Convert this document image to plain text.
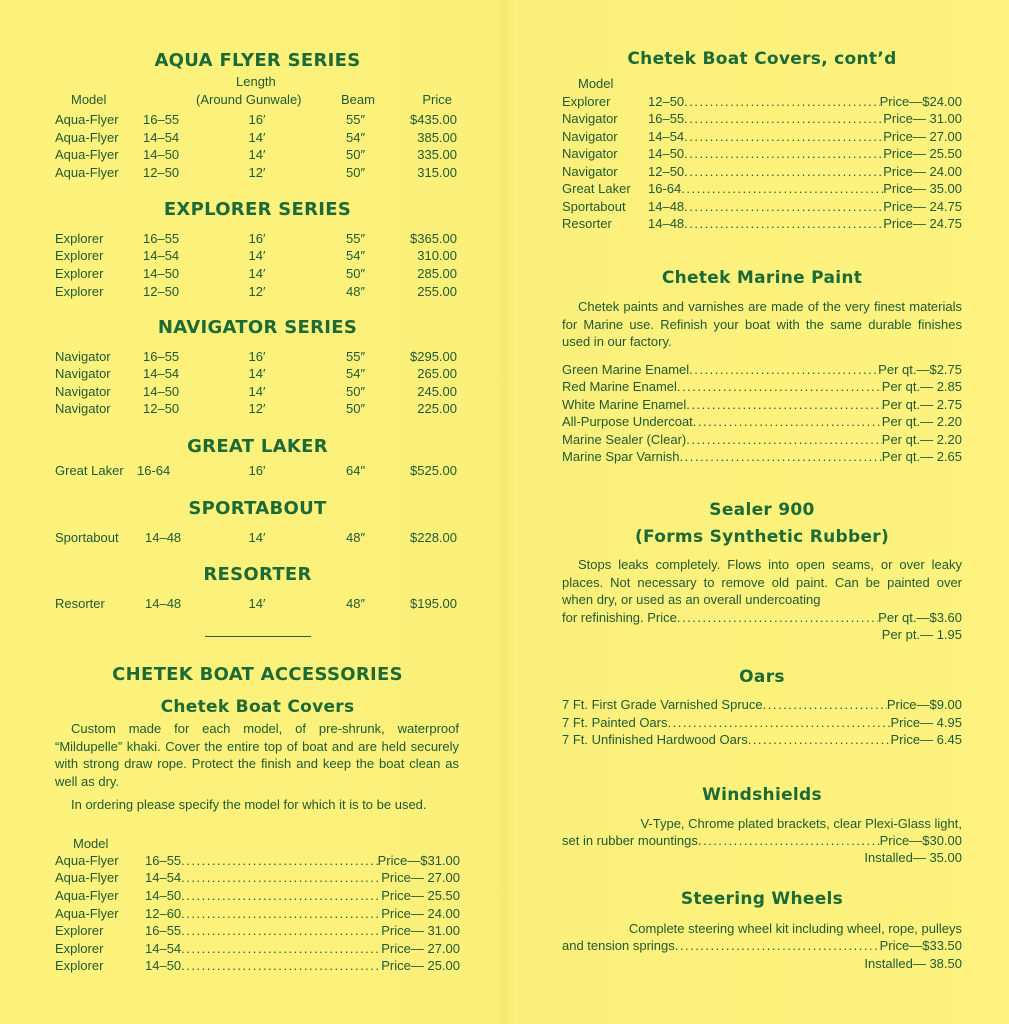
AQUA FLYER SERIES
Length
Model	(Around Gunwale)	Beam	Price
Aqua-Flyer 16–55	16′	55″	$435.00
Aqua-Flyer 14–54	14′	54″	385.00
Aqua-Flyer 14–50	14′	50″	335.00
Aqua-Flyer 12–50	12′	50″	315.00
EXPLORER SERIES
Explorer	16–55	16′	55″	$365.00
Explorer	14–54	14′	54″	310.00
Explorer	14–50	14′	50″	285.00
Explorer	12–50	12′	48″	255.00
NAVIGATOR SERIES
Navigator 16–55	16′	55″	$295.00
Navigator 14–54	14′	54″	265.00
Navigator 14–50	14′	50″	245.00
Navigator 12–50	12′	50″	225.00
GREAT LAKER
Great Laker 16-64	16'	64"	$525.00
SPORTABOUT
Sportabout 14–48	14′	48″	$228.00
RESORTER
Resorter	14–48	14′	48″	$195.00
CHETEK BOAT ACCESSORIES
Chetek Boat Covers
Custom made for each model, of pre-shrunk, waterproof “Mildupelle” khaki. Cover the entire top of boat and are held securely with strong draw rope. Protect the finish and keep the boat clean as well as dry.
In ordering please specify the model for which it is to be used.
Model
Aqua-Flyer	16–55 .....	Price—$31.00
Aqua-Flyer	14–54 .....	Price— 27.00
Aqua-Flyer	14–50 .....	Price— 25.50
Aqua-Flyer	12–60 .....	Price— 24.00
Explorer	16–55 .....	Price— 31.00
Explorer	14–54 .....	Price— 27.00
Explorer	14–50 .....	Price— 25.00
Chetek Boat Covers, cont’d
Model
Explorer	12–50 .....	Price—$24.00
Navigator	16–55 .....	Price— 31.00
Navigator	14–54 .....	Price— 27.00
Navigator	14–50 .....	Price— 25.50
Navigator	12–50 .....	Price— 24.00
Great Laker	16-64 .....	Price— 35.00
Sportabout	14–48 .....	Price— 24.75
Resorter	14–48 .....	Price— 24.75
Chetek Marine Paint
Chetek paints and varnishes are made of the very finest materials for Marine use. Refinish your boat with the same durable finishes used in our factory.
Green Marine Enamel .....	Per qt.—$2.75
Red Marine Enamel .....	Per qt.— 2.85
White Marine Enamel .....	Per qt.— 2.75
All-Purpose Undercoat .....	Per qt.— 2.20
Marine Sealer (Clear) .....	Per qt.— 2.20
Marine Spar Varnish .....	Per qt.— 2.65
Sealer 900
(Forms Synthetic Rubber)
Stops leaks completely. Flows into open seams, or over leaky places. Not necessary to remove old paint. Can be painted over when dry, or used as an overall undercoating
for refinishing. Price .....	Per qt.—$3.60
Per pt.— 1.95
Oars
7 Ft. First Grade Varnished Spruce .....	Price—$9.00
7 Ft. Painted Oars .....	Price— 4.95
7 Ft. Unfinished Hardwood Oars .....	Price— 6.45
Windshields
V-Type, Chrome plated brackets, clear Plexi-Glass light,
set in rubber mountings .....	Price—$30.00
Installed— 35.00
Steering Wheels
Complete steering wheel kit including wheel, rope, pulleys
and tension springs .....	Price—$33.50
Installed— 38.50
